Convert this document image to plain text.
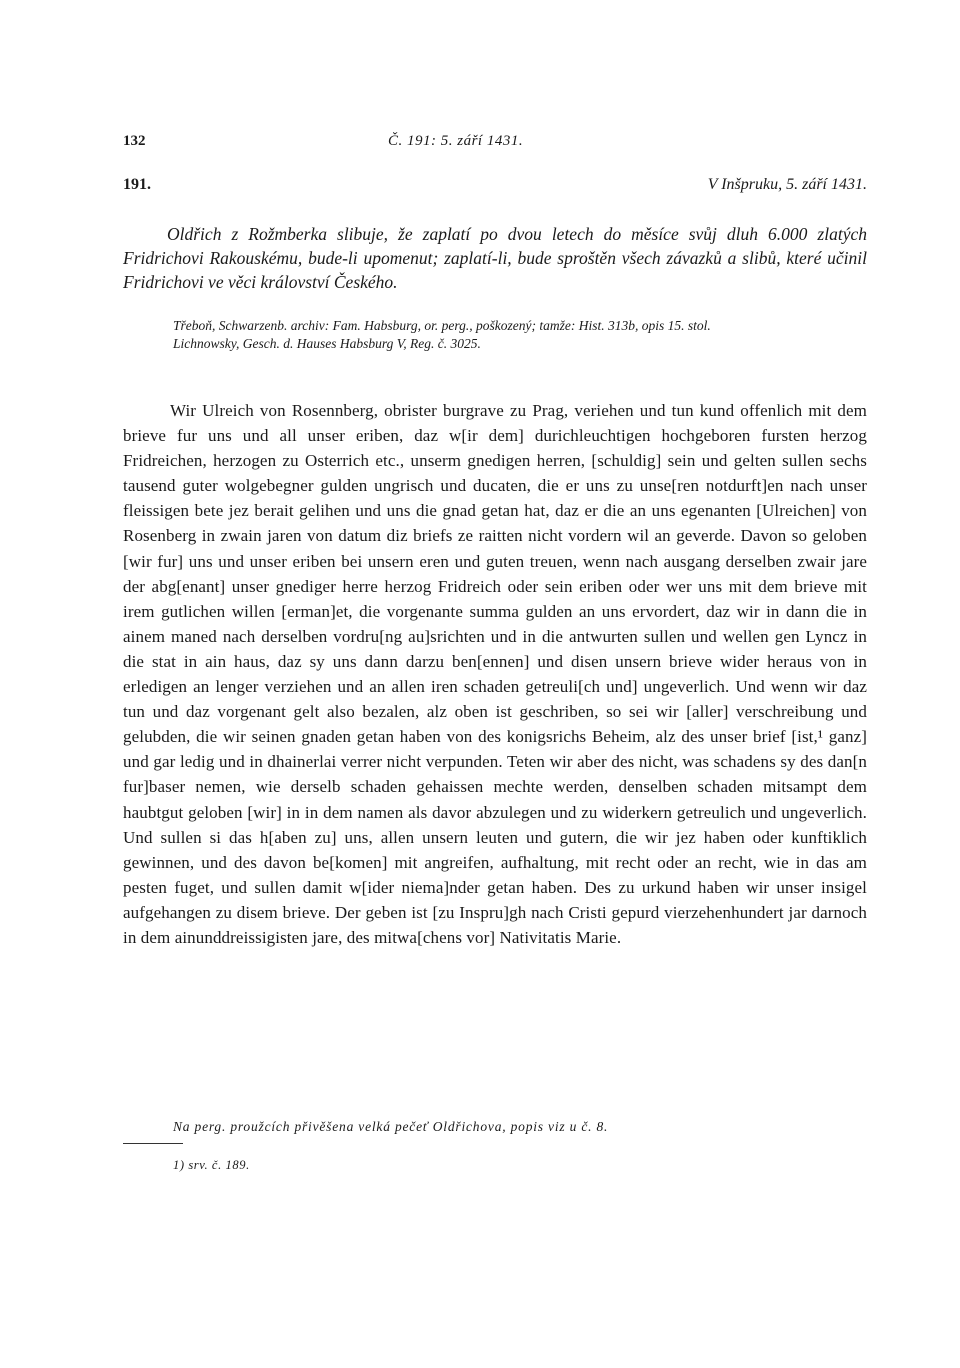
132	Č. 191: 5. září 1431.
191.	V Inšpruku, 5. září 1431.

Oldřich z Rožmberka slibuje, že zaplatí po dvou letech do měsíce svůj dluh 6.000 zlatých Fridrichovi Rakouskému, bude-li upomenut; zaplatí-li, bude sproštěn všech závazků a slibů, které učinil Fridrichovi ve věci království Českého.

Třeboň, Schwarzenb. archiv: Fam. Habsburg, or. perg., poškozený; tamže: Hist. 313b, opis 15. stol.

Lichnowsky, Gesch. d. Hauses Habsburg V, Reg. č. 3025.

Wir Ulreich von Rosennberg, obrister burgrave zu Prag, veriehen und tun kund offenlich mit dem brieve fur uns und all unser eriben, daz w[ir dem] durichleuchtigen hochgeboren fursten herzog Fridreichen, herzogen zu Osterrich etc., unserm gnedigen herren, [schuldig] sein und gelten sullen sechs tausend guter wolgebegner gulden ungrisch und ducaten, die er uns zu unse[ren notdurft]en nach unser fleissigen bete jez berait gelihen und uns die gnad getan hat, daz er die an uns egenanten [Ulreichen] von Rosenberg in zwain jaren von datum diz briefs ze raitten nicht vordern wil an geverde. Davon so geloben [wir fur] uns und unser eriben bei unsern eren und guten treuen, wenn nach ausgang derselben zwair jare der abg[enant] unser gnediger herre herzog Fridreich oder sein eriben oder wer uns mit dem brieve mit irem gutlichen willen [erman]et, die vorgenante summa gulden an uns ervordert, daz wir in dann die in ainem maned nach derselben vordru[ng au]srichten und in die antwurten sullen und wellen gen Lyncz in die stat in ain haus, daz sy uns dann darzu ben[ennen] und disen unsern brieve wider heraus von in erledigen an lenger verziehen und an allen iren schaden getreuli[ch und] ungeverlich. Und wenn wir daz tun und daz vorgenant gelt also bezalen, alz oben ist geschriben, so sei wir [aller] verschreibung und gelubden, die wir seinen gnaden getan haben von des konigsrichs Beheim, alz des unser brief [ist,¹ ganz] und gar ledig und in dhainerlai verrer nicht verpunden. Teten wir aber des nicht, was schadens sy des dan[n fur]baser nemen, wie derselb schaden gehaissen mechte werden, denselben schaden mitsampt dem haubtgut geloben [wir] in in dem namen als davor abzulegen und zu widerkern getreulich und ungeverlich. Und sullen si das h[aben zu] uns, allen unsern leuten und gutern, die wir jez haben oder kunftiklich gewinnen, und des davon be[komen] mit angreifen, aufhaltung, mit recht oder an recht, wie in das am pesten fuget, und sullen damit w[ider niema]nder getan haben. Des zu urkund haben wir unser insigel aufgehangen zu disem brieve. Der geben ist [zu Inspru]gh nach Cristi gepurd vierzehenhundert jar darnoch in dem ainunddreissigisten jare, des mitwa[chens vor] Nativitatis Marie.

Na perg. proužcích přivěšena velká pečeť Oldřichova, popis viz u č. 8.

1) srv. č. 189.
